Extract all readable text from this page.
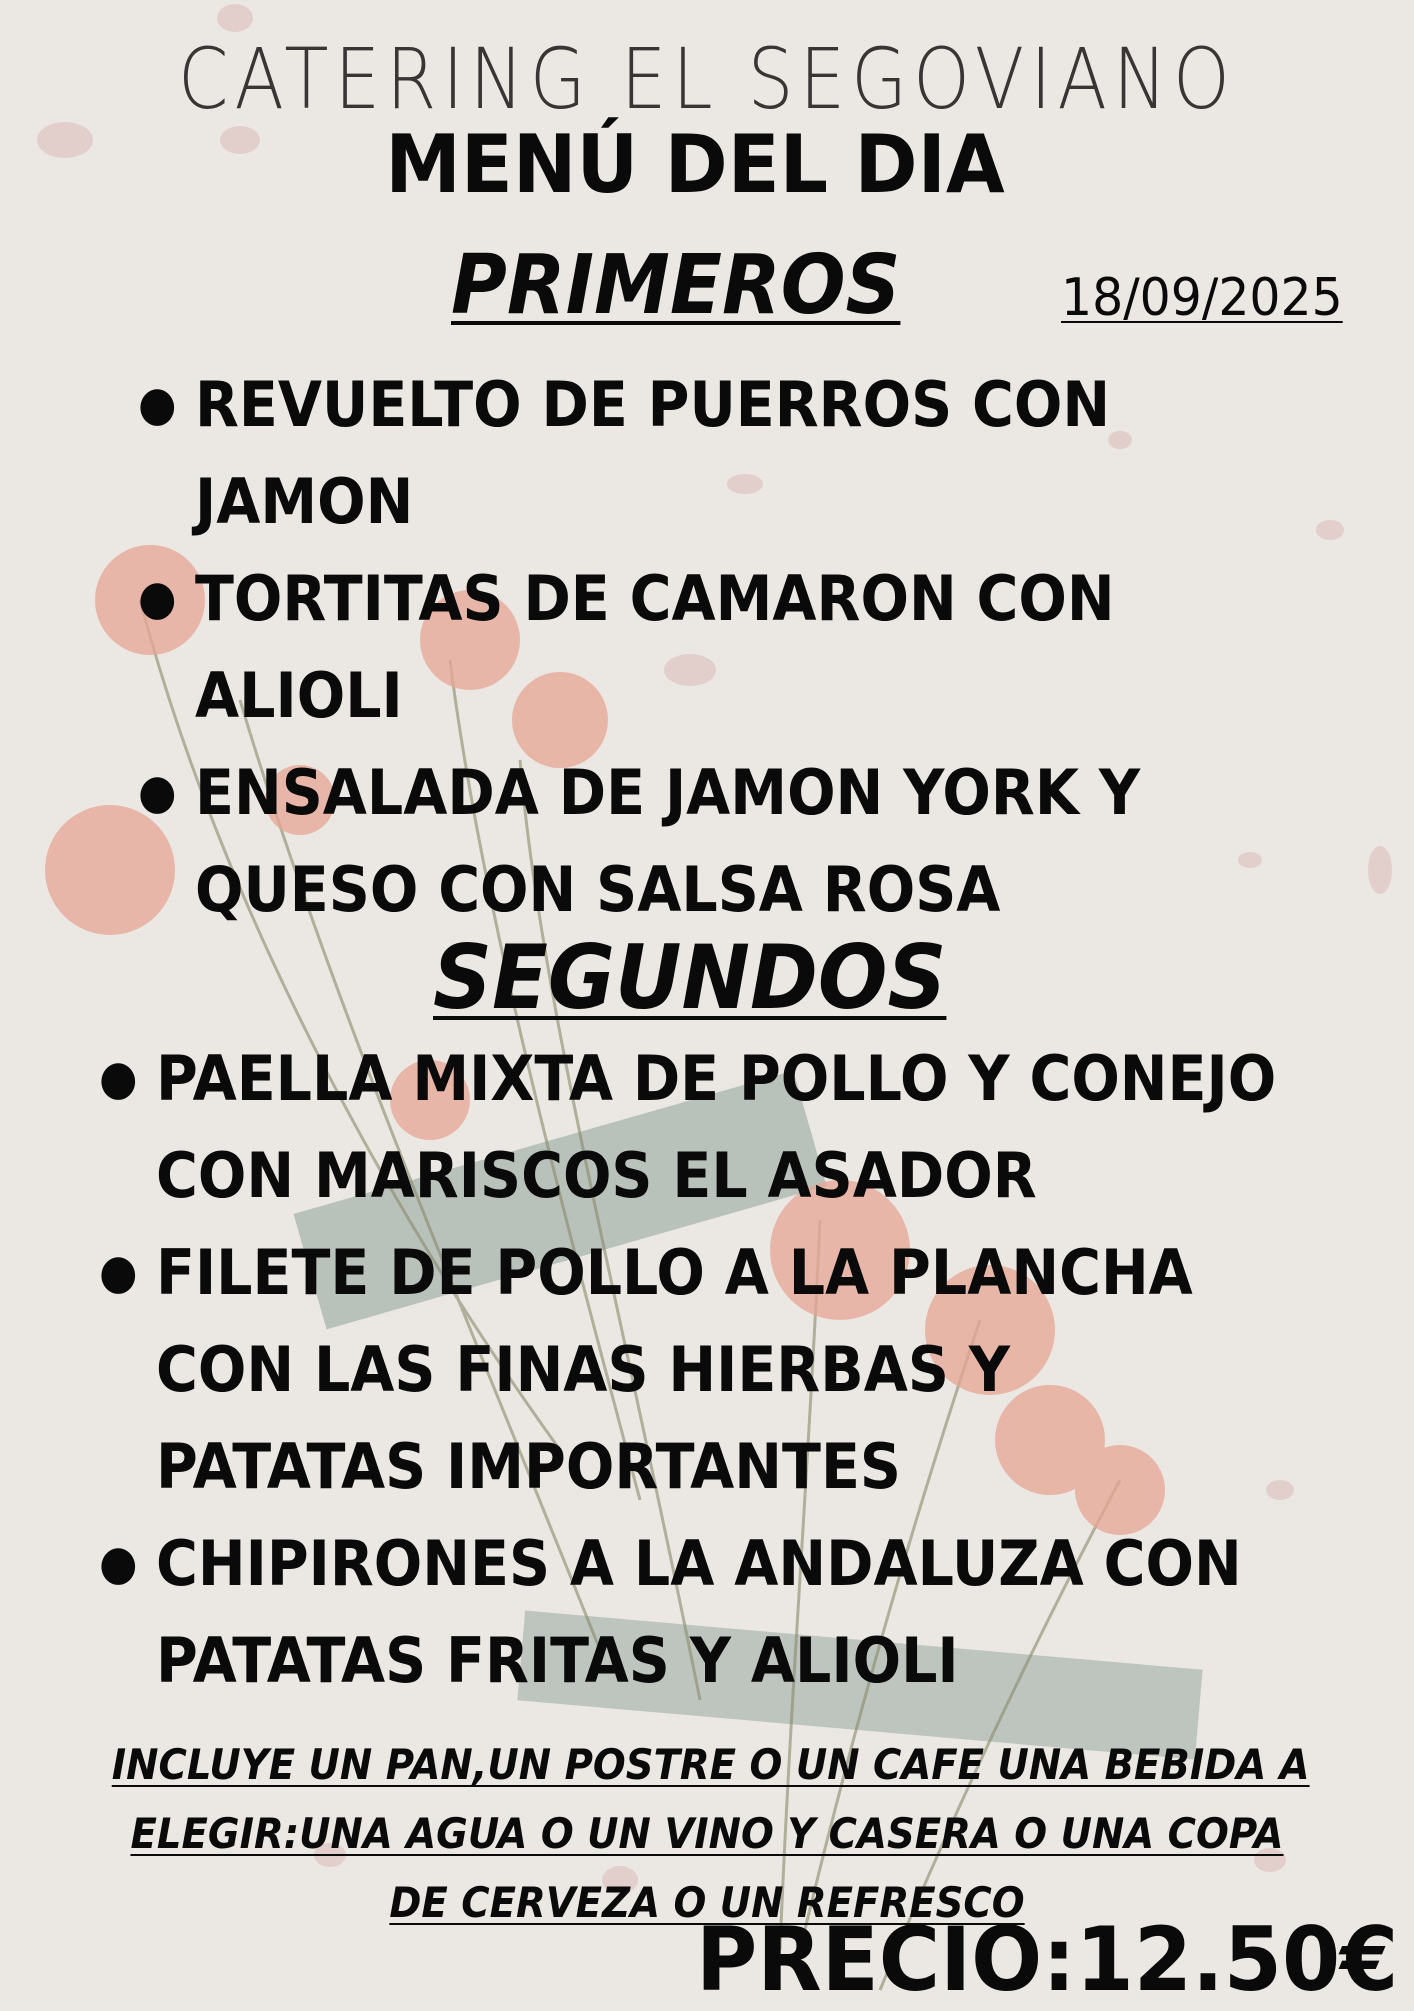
CATERING EL SEGOVIANO
MENÚ DEL DIA
PRIMEROS	18/09/2025
● REVUELTO DE PUERROS CON
JAMON
● TORTITAS DE CAMARON CON
ALIOLI
● ENSALADA DE JAMON YORK Y
QUESO CON SALSA ROSA
SEGUNDOS
● PAELLA MIXTA DE POLLO Y CONEJO
CON MARISCOS EL ASADOR
● FILETE DE POLLO A LA PLANCHA
CON LAS FINAS HIERBAS Y
PATATAS IMPORTANTES
● CHIPIRONES A LA ANDALUZA CON
PATATAS FRITAS Y ALIOLI
INCLUYE UN PAN,UN POSTRE O UN CAFE UNA BEBIDA A
ELEGIR:UNA AGUA O UN VINO Y CASERA O UNA COPA
DE CERVEZA O UN REFRESCO
PRECIO:12.50€
